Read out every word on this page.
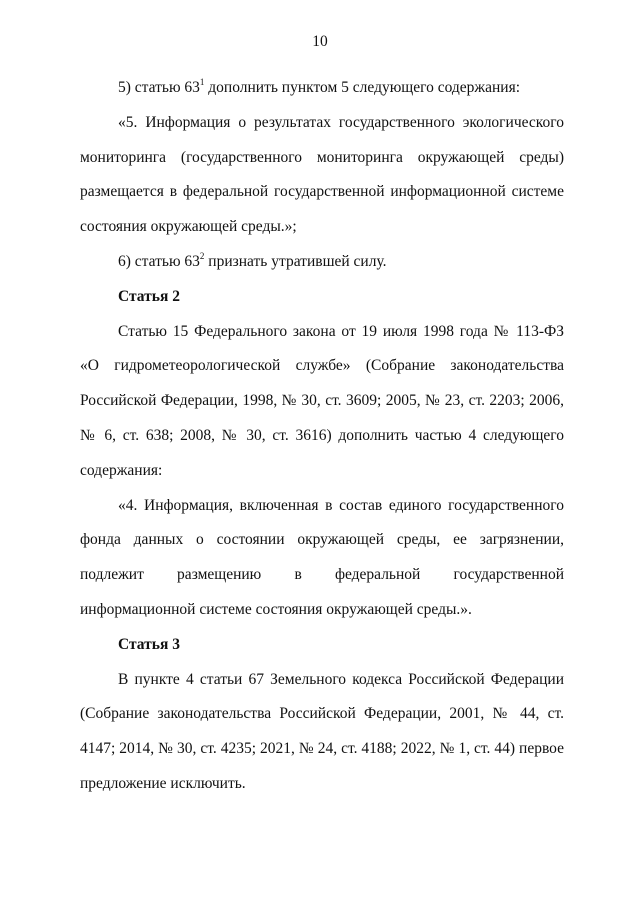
10

5) статью $63^1$ дополнить пунктом 5 следующего содержания:

«5. Информация о результатах государственного экологического мониторинга (государственного мониторинга окружающей среды) размещается в федеральной государственной информационной системе состояния окружающей среды.»;

6) статью $63^2$ признать утратившей силу.

Статья 2

Статью 15 Федерального закона от 19 июля 1998 года № 113-ФЗ «О гидрометеорологической службе» (Собрание законодательства Российской Федерации, 1998, № 30, ст. 3609; 2005, № 23, ст. 2203; 2006, № 6, ст. 638; 2008, № 30, ст. 3616) дополнить частью 4 следующего содержания:

«4. Информация, включенная в состав единого государственного фонда данных о состоянии окружающей среды, ее загрязнении, подлежит размещению в федеральной государственной информационной системе состояния окружающей среды.».

Статья 3

В пункте 4 статьи 67 Земельного кодекса Российской Федерации (Собрание законодательства Российской Федерации, 2001, № 44, ст. 4147; 2014, № 30, ст. 4235; 2021, № 24, ст. 4188; 2022, № 1, ст. 44) первое предложение исключить.
